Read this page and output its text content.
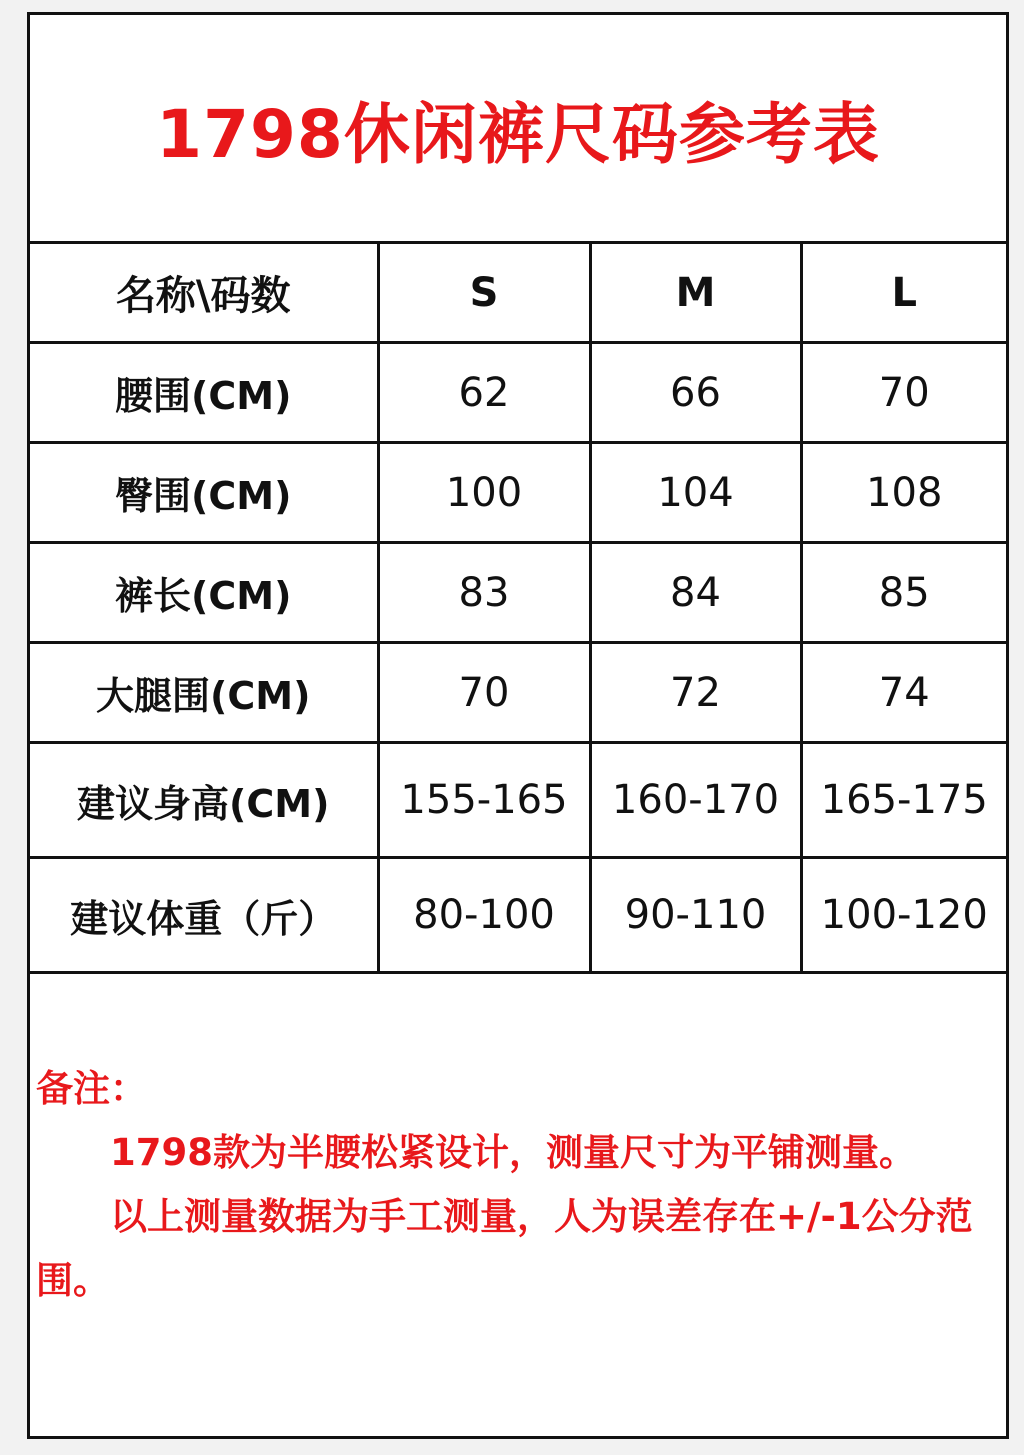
1798休闲裤尺码参考表
名称\码数	S	M	L
腰围(CM)	62	66	70
臀围(CM)	100	104	108
裤长(CM)	83	84	85
大腿围(CM)	70	72	74
建议身高(CM)	155-165	160-170	165-175
建议体重（斤）	80-100	90-110	100-120

备注：

1798款为半腰松紧设计，测量尺寸为平铺测量。

以上测量数据为手工测量，人为误差存在+/-1公分范围。
